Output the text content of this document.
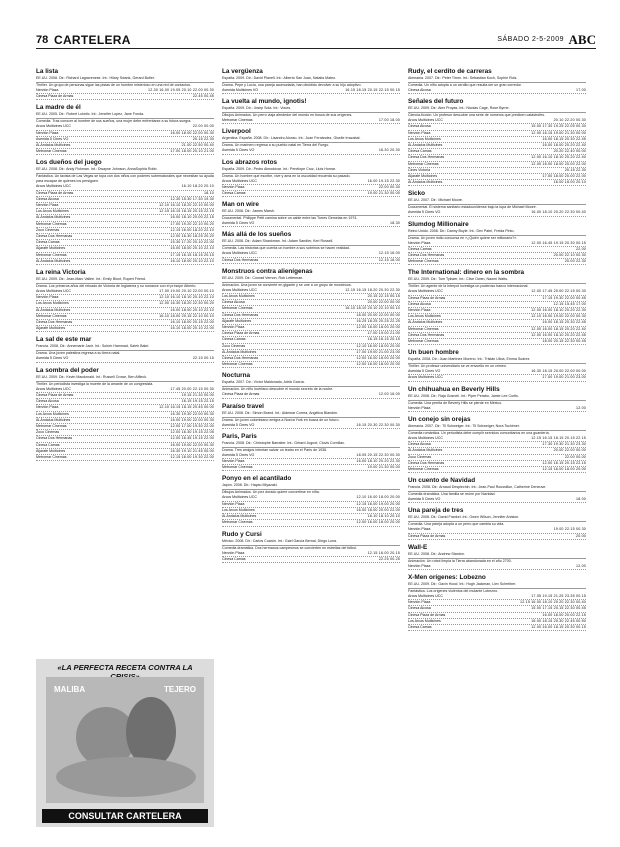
78 CARTELERA	SÁBADO 2-5-2009 ABC
La lista
EE.UU. 2008. Dir.: Richard Lagravenese. Int.: Hilary Swank, Gerard Butler.
Thriller. Un grupo de personas sigue las pistas de un hombre misterioso en una red de contactos.
Nervión Plaza	12.30 16.00 19.05 20.10 22.00 00.30
Cinesa Plaza de Armas	22.45 00.45
La madre de él
EE.UU. 2005. Dir.: Robert Luketic. Int.: Jennifer Lopez, Jane Fonda.
Comedia. Tras conocer al hombre de sus sueños, una mujer debe enfrentarse a su futura suegra.
Arcos Multicines UCC	22.00 00.00
Nervión Plaza	16.00 18.00 22.00 00.30
Avenida 5 Cines VO	20.15 22.30
Al-Ándalus Multicines	21.00 22.50 00.40
Metromar Cinemas	17.00 18.00 20.10 21.00
Los dueños del juego
EE.UU. 2008. Dir.: Andy Fickman. Int.: Dwayne Johnson, AnnaSophia Robb.
Fantástica. Un taxista de Las Vegas se topa con dos niños con poderes sobrenaturales que necesitan su ayuda para escapar de quienes los persiguen.
Arcos Multicines UCC	16.10 18.20 20.10
Cinesa Plaza de Armas	18.10
Cinesa Alcosa	12.30 15.30 17.30 19.30
Nervión Plaza	12.10 16.10 18.20 22.10 00.00
Los Arcos Multicines	12.15 16.15 18.15 20.15 22.15
Al-Ándalus Multicines	16.00 18.10 20.00 22.15
Metromar Cinemas	17.00 19.20 22.10 00.20
Zoco Cinemas	12.15 16.00 18.20 22.10
Cinesa Dos Hermanas	12.00 16.30 18.25 20.20
Cinesa Camas	15.30 17.20 20.10 22.00
Aljarafe Multicines	16.00 18.00 20.10 22.10
Metromar Cinemas	17.15 16.15 18.15 20.15
Al-Ándalus Multicines	16.10 18.00 20.10 22.10
La reina Victoria
EE.UU. 2009. Dir.: Jean-Marc Vallée. Int.: Emily Blunt, Rupert Friend.
Drama. Los primeros años del reinado de Victoria de Inglaterra y su romance con el príncipe Alberto.
Arcos Multicines UCC	17.00 19.00 20.10 22.00 00.10
Nervión Plaza	12.10 16.10 18.10 20.10 22.10
Los Arcos Multicines	12.00 16.30 18.20 22.30 00.20
Al-Ándalus Multicines	16.00 18.00 20.10 22.10
Metromar Cinemas	16.10 18.00 20.15 22.10 00.10
Cinesa Dos Hermanas	16.10 18.00 20.15 22.00
Aljarafe Multicines	16.10 18.00 20.10 22.00
La sal de este mar
Francia. 2008. Dir.: Annemarie Jacir. Int.: Suheir Hammad, Saleh Bakri.
Drama. Una joven palestina regresa a su tierra natal.
Avenida 5 Cines VO	22.15 00.15
La sombra del poder
EE.UU. 2009. Dir.: Kevin Macdonald. Int.: Russell Crowe, Ben Affleck.
Thriller. Un periodista investiga la muerte de la amante de un congresista.
Arcos Multicines UCC	17.45 20.00 22.15 00.30
Cinesa Plaza de Armas	19.15 21.30 00.00
Cinesa Alcosa	16.15 19.15 22.15
Nervión Plaza	12.10 16.15 18.15 20.45 00.00
Los Arcos Multicines	16.30 19.30 22.00 00.30
Al-Ándalus Multicines	16.00 19.00 22.00 00.30
Metromar Cinemas	12.00 17.00 19.30 22.00
Zoco Cinemas	12.00 16.30 19.15 22.05
Cinesa Dos Hermanas	12.00 16.45 19.15 22.00
Cinesa Camas	16.00 19.00 22.00 00.30
Aljarafe Multicines	16.30 19.10 21.45 00.00
Metromar Cinemas	12.15 16.00 19.30 22.00
La vergüenza
España. 2009. Dir.: David Planell. Int.: Alberto San Juan, Natalia Mateo.
Drama. Pepe y Lucía, una pareja acomodada, han decidido devolver a su hijo adoptivo.
Avenida Multicines VO	16.15 18.15 20.15 22.15 00.15
La vuelta al mundo, ignotis!
España. 2009. Dir.: Josep Sola. Int.: Voces.
Dibujos Animados. Un perro viaja alrededor del mundo en busca de sus orígenes.
Metromar Cinemas	17.00 18.00
Liverpool
Argentina. España. 2008. Dir.: Lisandro Alonso. Int.: Juan Fernández, Giselle Irrazabal.
Drama. Un marinero regresa a su pueblo natal en Tierra del Fuego.
Avenida 5 Cines VO	16.30 20.30
Los abrazos rotos
España. 2009. Dir.: Pedro Almodóvar. Int.: Penélope Cruz, Lluís Homar.
Drama. Un hombre que escribe, vive y ama en la oscuridad recuerda su pasado.
Arcos Multicines UCC	16.00 19.15 22.30
Nervión Plaza	22.00 00.30
Cinesa Camas	19.00 21.30 00.00
Man on wire
EE.UU. 2008. Dir.: James Marsh.
Documental. Philippe Petit camina sobre un cable entre las Torres Gemelas en 1974.
Avenida 5 Cines VO	18.30
Más allá de los sueños
EE.UU. 2008. Dir.: Adam Shankman. Int.: Adam Sandler, Keri Russell.
Comedia. Las historias que cuenta un hombre a sus sobrinos se hacen realidad.
Arcos Multicines UCC	12.15 16.00
Cinesa Dos Hermanas	12.15 16.00
Monstruos contra alienígenas
EE.UU. 2009. Dir.: Conrad Vernon, Rob Letterman.
Animación. Una joven se convierte en gigante y se une a un grupo de monstruos.
Arcos Multicines UCC	12.15 16.15 18.20 20.30 22.30
Los Arcos Multicines	20.15 22.15 00.15
Cinesa Alcosa	20.00 22.00 00.00
Metromar Cinemas	16.10 18.10 20.10 22.10 00.10
Cinesa Dos Hermanas	18.00 20.00 22.00 00.00
Aljarafe Multicines	16.25 18.25 20.25 22.25
Nervión Plaza	12.00 16.00 18.00 20.00
Cinesa Plaza de Armas	17.00 19.00 21.00
Cinesa Camas	16.15 18.15 20.15
Zoco Cinemas	12.10 16.00 18.00 20.00
Al-Ándalus Multicines	17.00 19.00 21.00 23.00
Cinesa Dos Hermanas	12.00 16.00 18.00 20.00
Metromar Cinemas	12.00 16.00 18.00 20.00
Nocturna
España. 2007. Dir.: Víctor Maldonado, Adrià García.
Animación. Un niño huérfano descubre el mundo secreto de la noche.
Cinesa Plaza de Armas	12.00 16.00
Paraíso travel
EE.UU. 2008. Dir.: Simón Brand. Int.: Aldemar Correa, Angélica Blandón.
Drama. Un joven colombiano emigra a Nueva York en busca de un futuro.
Avenida 5 Cines VO	16.15 20.30 22.30 00.30
Paris, Paris
Francia. 2008. Dir.: Christophe Barratier. Int.: Gérard Jugnot, Clovis Cornillac.
Drama. Tres amigos intentan salvar un teatro en el París de 1936.
Avenida 5 Cines VO	18.05 20.15 22.30 00.30
Nervión Plaza	16.00 18.10 20.20 22.30
Metromar Cinemas	19.00 21.30 00.00
Ponyo en el acantilado
Japón. 2008. Dir.: Hayao Miyazaki.
Dibujos Animados. Un pez dorado quiere convertirse en niña.
Arcos Multicines UCC	12.10 16.00 18.00 20.00
Nervión Plaza	12.15 16.00 19.00 20.00
Los Arcos Multicines	16.00 18.00 20.00 22.00
Al-Ándalus Multicines	16.10 18.10 20.10
Metromar Cinemas	12.00 16.00 18.00 20.00
Rudo y Cursi
México. 2008. Dir.: Carlos Cuarón. Int.: Gael García Bernal, Diego Luna.
Comedia dramática. Dos hermanos campesinos se convierten en estrellas del fútbol.
Nervión Plaza	12.15 16.00 20.15
Cinesa Camas	22.25 00.25
Rudy, el cerdito de carreras
Alemania. 2007. Dir.: Peter Timm. Int.: Sebastian Koch, Sophie Rois.
Comedia. Un niño adopta a un cerdito que resulta ser un gran corredor.
Cinesa Alcosa	17.00
Señales del futuro
EE.UU. 2009. Dir.: Alex Proyas. Int.: Nicolas Cage, Rose Byrne.
Ciencia-ficción. Un profesor descubre una serie de números que predicen catástrofes.
Arcos Multicines UCC	20.10 22.20 00.30
Cinesa Alcosa	15.00 17.30 19.25 22.05 00.30
Nervión Plaza	12.00 16.15 19.00 21.30 00.00
Los Arcos Multicines	16.00 18.15 20.30 22.45
Al-Ándalus Multicines	16.00 18.00 20.20 22.40
Cinesa Camas	20.20 22.40 00.00
Cinesa Dos Hermanas	12.00 16.10 18.10 20.20 22.40
Metromar Cinemas	12.00 16.00 18.00 20.00 22.00
Cines Victoria	20.15 22.30
Aljarafe Multicines	17.00 18.00 20.00 22.00
Al-Ándalus Multicines	16.00 18.00 20.10
Sicko
EE.UU. 2007. Dir.: Michael Moore.
Documental. El sistema sanitario estadounidense bajo la lupa de Michael Moore.
Avenida 5 Cines VO	16.00 18.10 20.20 22.30 00.40
Slumdog Millionaire
Reino Unido. 2008. Dir.: Danny Boyle. Int.: Dev Patel, Freida Pinto.
Drama. Un joven indio concursa en «¿Quién quiere ser millonario?».
Nervión Plaza	12.00 16.45 19.15 20.30 00.15
Cinesa Camas	22.00
Cinesa Dos Hermanas	20.00 22.10 00.30
Metromar Cinemas	20.00 22.30
The International: dinero en la sombra
EE.UU. 2009. Dir.: Tom Tykwer. Int.: Clive Owen, Naomi Watts.
Thriller. Un agente de la Interpol investiga un poderoso banco internacional.
Arcos Multicines UCC	12.00 17.45 20.00 22.15 00.30
Cinesa Plaza de Armas	17.15 19.30 22.00 00.45
Cinesa Alcosa	12.15 15.45 17.00
Nervión Plaza	12.00 16.00 18.10 20.20 22.30
Los Arcos Multicines	12.10 16.00 19.00 22.00 00.30
Al-Ándalus Multicines	16.00 18.15 20.30 22.45
Metromar Cinemas	12.00 16.00 18.15 20.20 22.40
Cinesa Dos Hermanas	12.00 16.00 18.10 20.20 22.45
Metromar Cinemas	18.00 20.15 22.30 00.45
Un buen hombre
España. 2008. Dir.: Juan Martínez Moreno. Int.: Tristán Ulloa, Emma Suárez.
Thriller. Un profesor universitario se ve envuelto en un crimen.
Avenida 5 Cines VO	16.30 18.15 20.00 22.00 00.00
Arcos Multicines UCC	17.00 19.00 21.00 23.00
Un chihuahua en Beverly Hills
EE.UU. 2008. Dir.: Raja Gosnell. Int.: Piper Perabo, Jamie Lee Curtis.
Comedia. Una perrita de Beverly Hills se pierde en México.
Nervión Plaza	12.00
Un conejo sin orejas
Alemania. 2007. Dir.: Til Schweiger. Int.: Til Schweiger, Nora Tschirner.
Comedia romántica. Un periodista debe cumplir servicios comunitarios en una guardería.
Arcos Multicines UCC	12.15 16.15 18.15 20.15 22.15
Cinesa Alcosa	17.30 19.30 21.30 23.30
Al-Ándalus Multicines	20.00 22.00 00.00
Zoco Cinemas	22.00 00.00
Cinesa Dos Hermanas	12.00 16.15 20.15 22.15
Metromar Cinemas	12.15 16.00 18.00 20.00
Un cuento de Navidad
Francia. 2008. Dir.: Arnaud Desplechin. Int.: Jean-Paul Roussillon, Catherine Deneuve.
Comedia dramática. Una familia se reúne por Navidad.
Avenida 5 Cines VO	18.00
Una pareja de tres
EE.UU. 2008. Dir.: David Frankel. Int.: Owen Wilson, Jennifer Aniston.
Comedia. Una pareja adopta a un perro que cambia su vida.
Nervión Plaza	19.00 22.15 00.30
Cinesa Plaza de Armas	20.00
Wall-E
EE.UU. 2008. Dir.: Andrew Stanton.
Animación. Un robot limpia la Tierra abandonada en el año 2700.
Nervión Plaza	12.00
X-Men orígenes: Lobezno
EE.UU. 2009. Dir.: Gavin Hood. Int.: Hugh Jackman, Liev Schreiber.
Fantástica. Los orígenes violentos del mutante Lobezno.
Arcos Multicines UCC	17.05 19.15 21.25 23.35 00.15
Nervión Plaza	12.15 16.00 18.10 20.20 22.30 00.40
Cinesa Alcosa	15.00 17.15 20.15 22.30 00.45
Cinesa Plaza de Armas	16.00 18.00 20.00 22.15
Los Arcos Multicines	16.00 18.15 20.30 22.45 00.50
Cinesa Camas	12.00 16.00 18.15 20.30 00.15
«LA PERFECTA RECETA CONTRA LA
MALIBA	TEJERO
CONSULTAR CARTELERA
